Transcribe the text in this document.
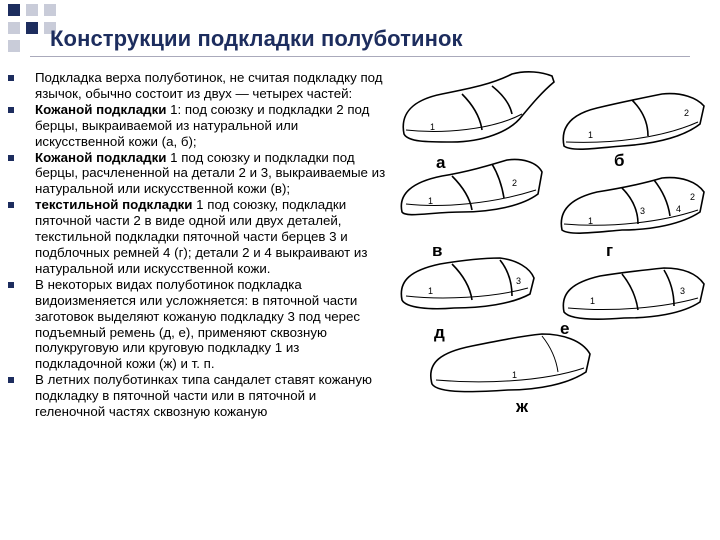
Конструкции подкладки полуботинок
Подкладка верха полуботинок, не считая подкладку под язычок, обычно состоит из двух — четырех частей:
Кожаной подкладки 1: под союзку и подкладки 2 под берцы, выкраиваемой из натуральной или искусственной кожи (а, б);
Кожаной подкладки 1 под союзку и подкладки под берцы, расчлененной на детали 2 и 3, выкраиваемые из натуральной или искусственной кожи (в);
текстильной подкладки 1 под союзку, подкладки пяточной части 2 в виде одной или двух деталей, текстильной подкладки пяточной части берцев 3 и подблочных ремней 4 (г); детали 2 и 4 выкраивают из натуральной или искусственной кожи.
В некоторых видах полуботинок подкладка видоизменяется или усложняется: в пяточной части заготовок выделяют кожаную подкладку 3 под черес подъемный ремень (д, е), применяют сквозную полукруговую или круговую подкладку 1 из подкладочной кожи (ж) и т. п.
В летних полуботинках типа сандалет ставят кожаную подкладку в пяточной части или в пяточной и геленочной частях сквозную кожаную
1
а
1
2
б
1
2
в
1
3	4
2
г
1
3
д
1
3
е
1
ж
